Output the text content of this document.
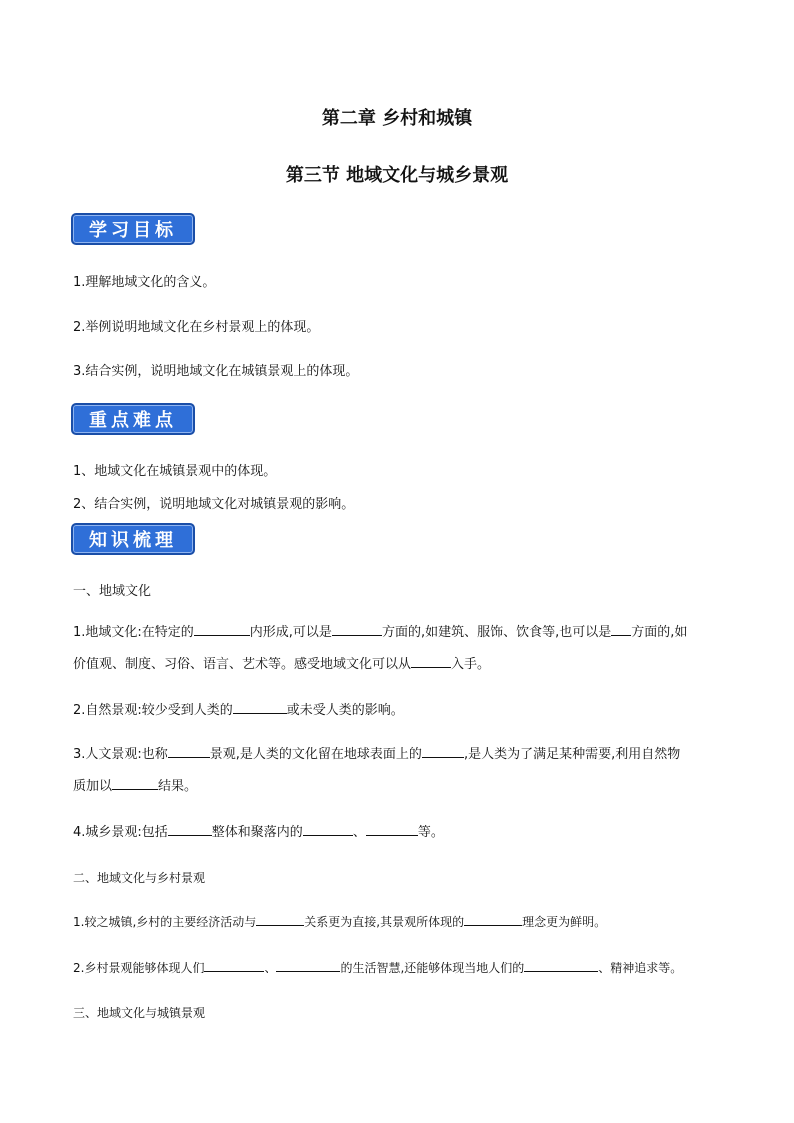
第二章 乡村和城镇
第三节 地域文化与城乡景观
学习目标
1.理解地域文化的含义。
2.举例说明地域文化在乡村景观上的体现。
3.结合实例，说明地域文化在城镇景观上的体现。
重点难点
1、地域文化在城镇景观中的体现。
2、结合实例，说明地域文化对城镇景观的影响。
知识梳理
一、地域文化
1.地域文化:在特定的	内形成,可以是	方面的,如建筑、服饰、饮食等,也可以是 方面的,如
价值观、制度、习俗、语言、艺术等。感受地域文化可以从	入手。
2.自然景观:较少受到人类的	或未受人类的影响。
3.人文景观:也称	景观,是人类的文化留在地球表面上的	,是人类为了满足某种需要,利用自然物
质加以	结果。
4.城乡景观:包括	整体和聚落内的	、	等。
二、地域文化与乡村景观
1.较之城镇,乡村的主要经济活动与	关系更为直接,其景观所体现的	理念更为鲜明。
2.乡村景观能够体现人们	、	的生活智慧,还能够体现当地人们的	、精神追求等。
三、地域文化与城镇景观
